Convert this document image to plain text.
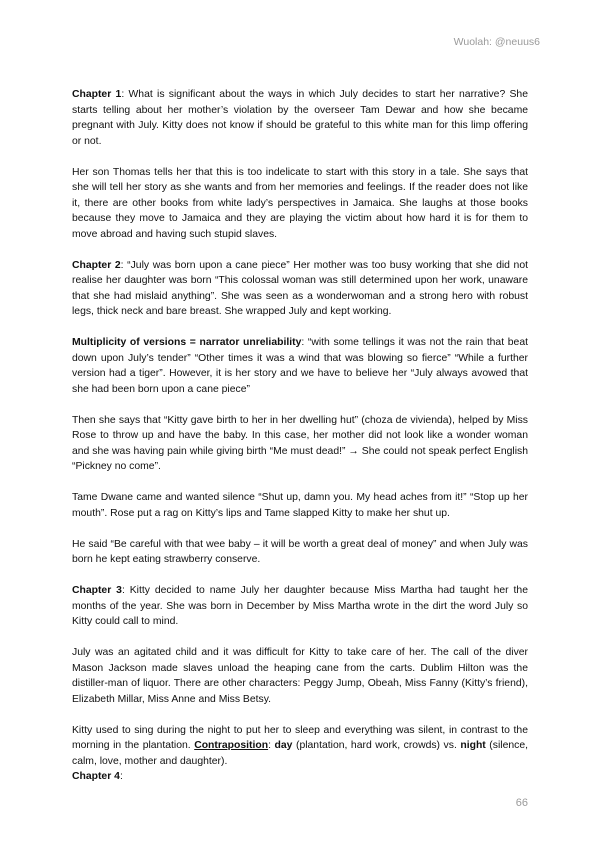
Wuolah: @neuus6

Chapter 1: What is significant about the ways in which July decides to start her narrative? She starts telling about her mother’s violation by the overseer Tam Dewar and how she became pregnant with July. Kitty does not know if should be grateful to this white man for this limp offering or not.

Her son Thomas tells her that this is too indelicate to start with this story in a tale. She says that she will tell her story as she wants and from her memories and feelings. If the reader does not like it, there are other books from white lady’s perspectives in Jamaica. She laughs at those books because they move to Jamaica and they are playing the victim about how hard it is for them to move abroad and having such stupid slaves.

Chapter 2: “July was born upon a cane piece” Her mother was too busy working that she did not realise her daughter was born “This colossal woman was still determined upon her work, unaware that she had mislaid anything”. She was seen as a wonderwoman and a strong hero with robust legs, thick neck and bare breast. She wrapped July and kept working.

Multiplicity of versions = narrator unreliability: “with some tellings it was not the rain that beat down upon July’s tender” “Other times it was a wind that was blowing so fierce” “While a further version had a tiger”. However, it is her story and we have to believe her “July always avowed that she had been born upon a cane piece”

Then she says that “Kitty gave birth to her in her dwelling hut” (choza de vivienda), helped by Miss Rose to throw up and have the baby. In this case, her mother did not look like a wonder woman and she was having pain while giving birth “Me must dead!” → She could not speak perfect English “Pickney no come”.

Tame Dwane came and wanted silence “Shut up, damn you. My head aches from it!” “Stop up her mouth”. Rose put a rag on Kitty’s lips and Tame slapped Kitty to make her shut up.

He said “Be careful with that wee baby – it will be worth a great deal of money” and when July was born he kept eating strawberry conserve.

Chapter 3: Kitty decided to name July her daughter because Miss Martha had taught her the months of the year. She was born in December by Miss Martha wrote in the dirt the word July so Kitty could call to mind.

July was an agitated child and it was difficult for Kitty to take care of her. The call of the diver Mason Jackson made slaves unload the heaping cane from the carts. Dublim Hilton was the distiller-man of liquor. There are other characters: Peggy Jump, Obeah, Miss Fanny (Kitty’s friend), Elizabeth Millar, Miss Anne and Miss Betsy.

Kitty used to sing during the night to put her to sleep and everything was silent, in contrast to the morning in the plantation. Contraposition: day (plantation, hard work, crowds) vs. night (silence, calm, love, mother and daughter).

Chapter 4:

66
